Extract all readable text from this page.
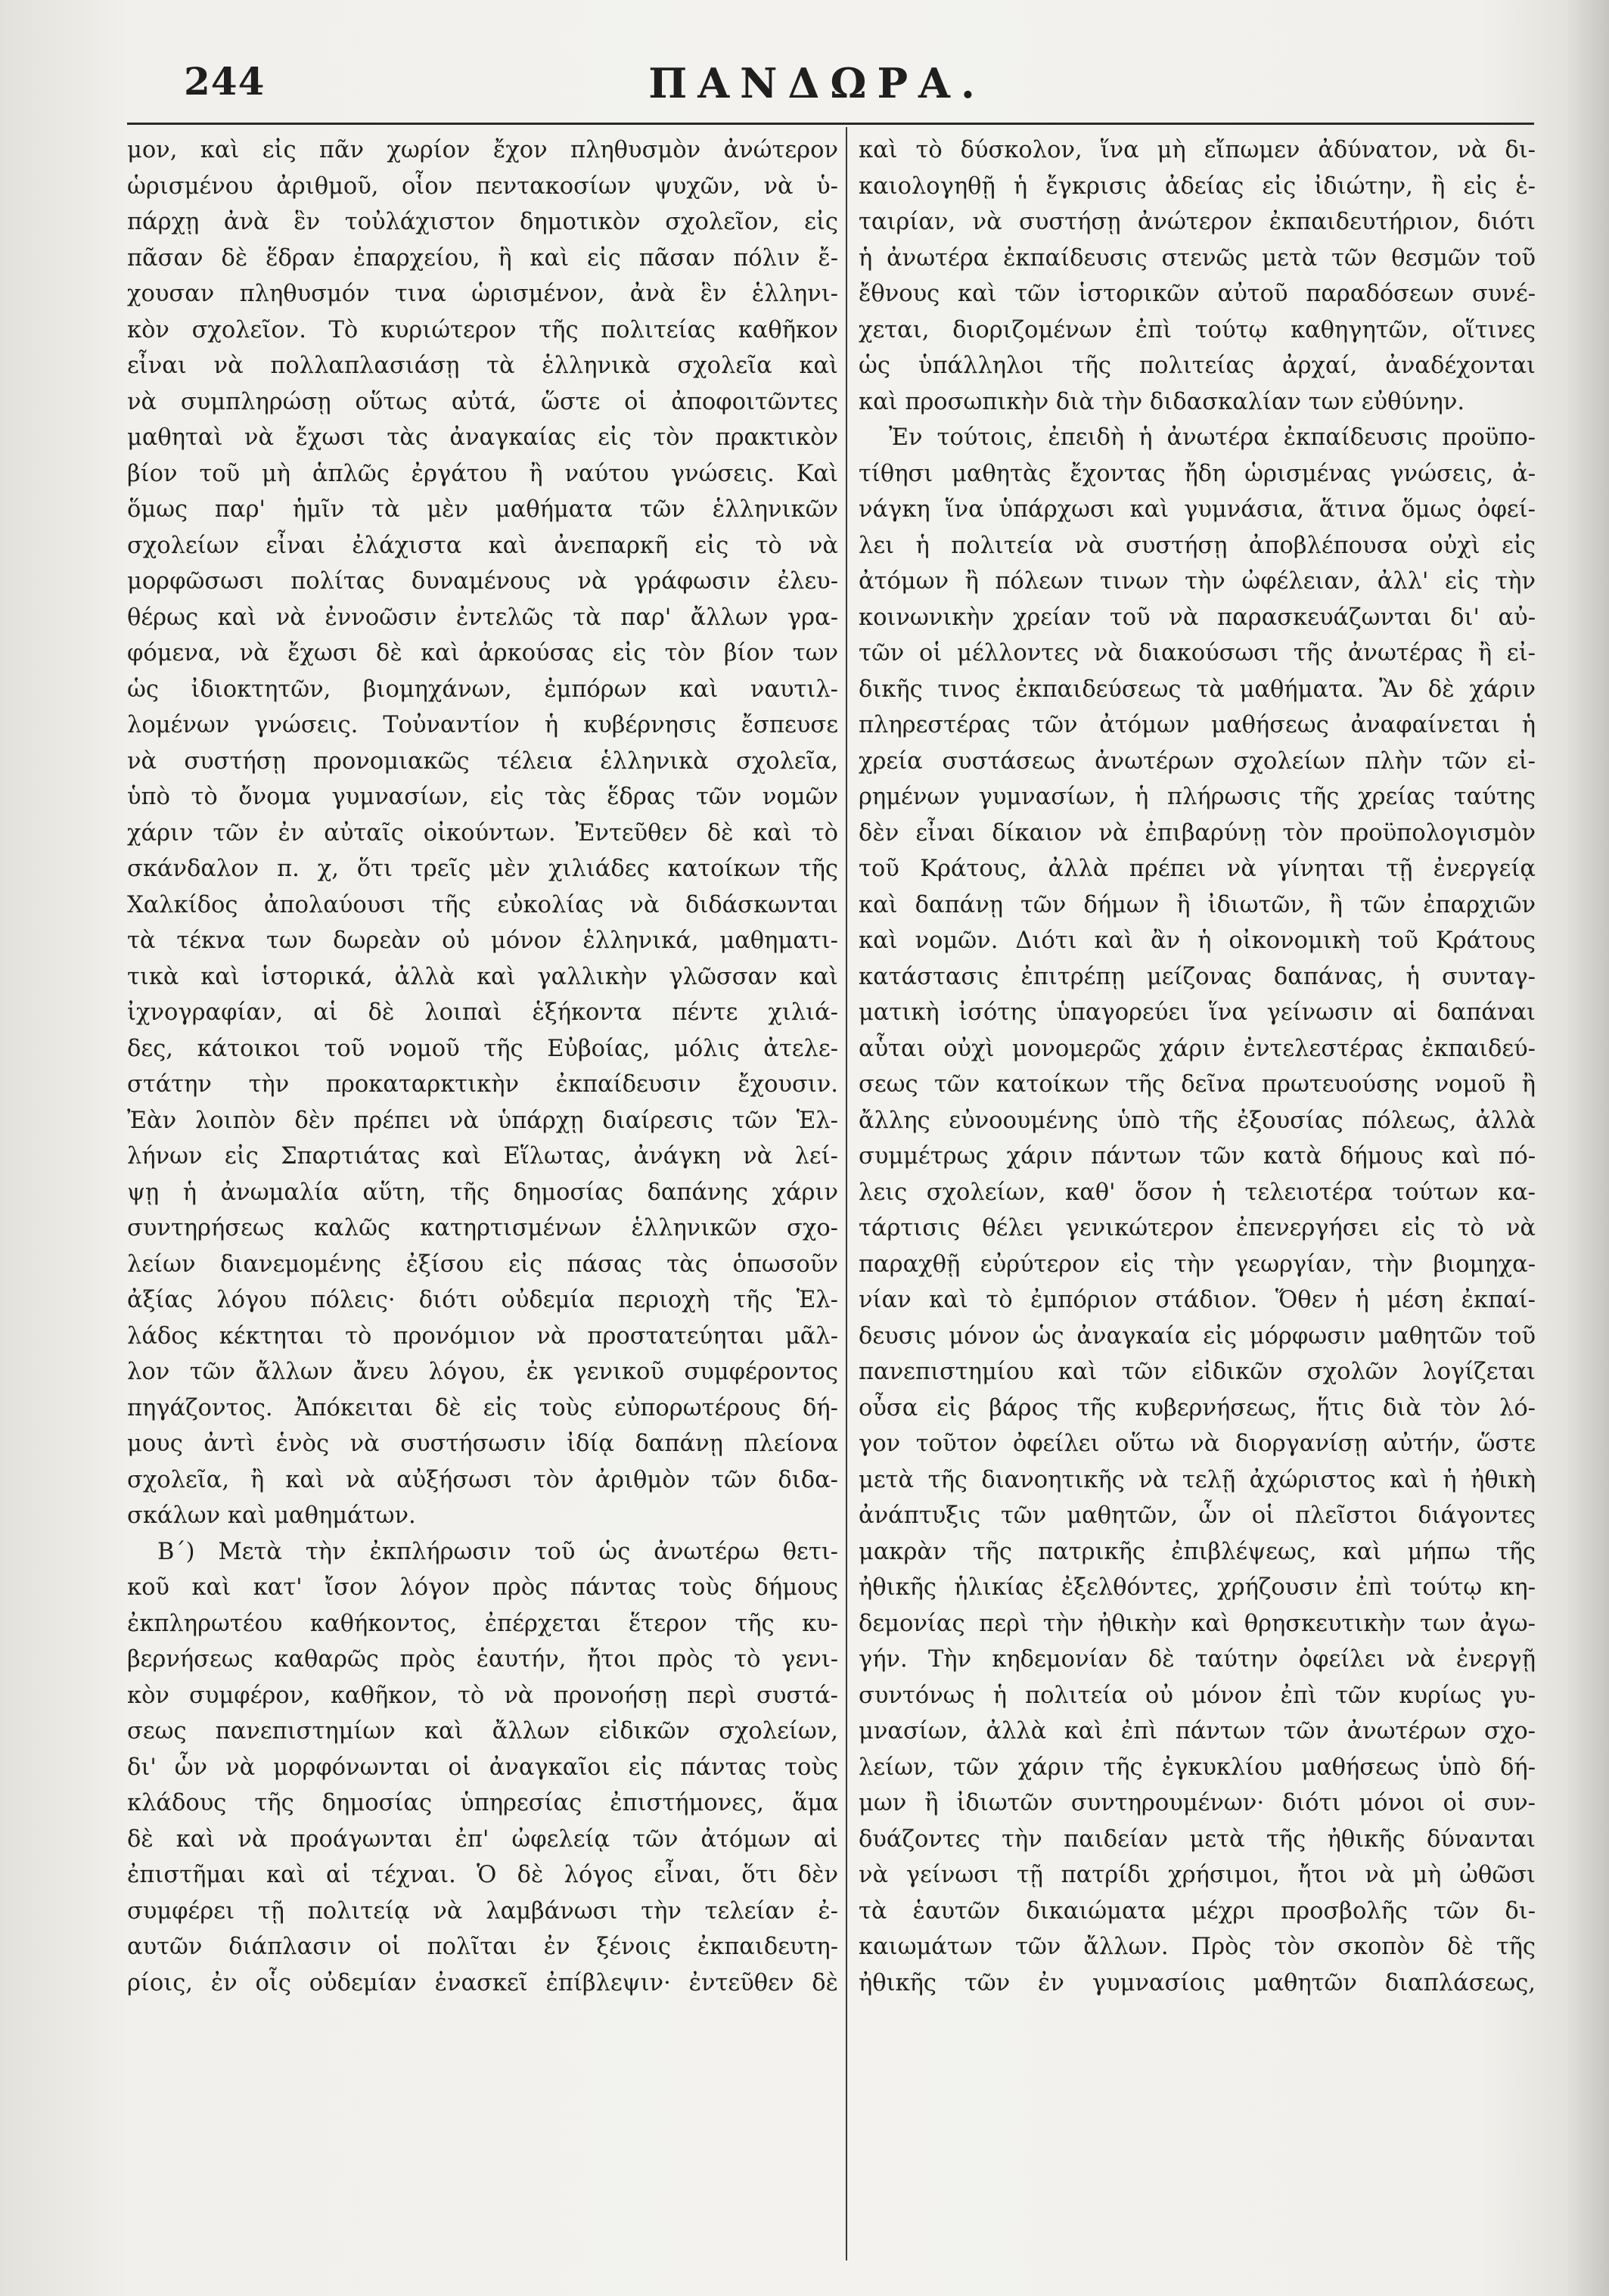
244	ΠΑΝΔΩΡΑ.
μον, καὶ εἰς πᾶν χωρίον ἔχον πληθυσμὸν ἀνώτερον
ὡρισμένου ἀριθμοῦ, οἷον πεντακοσίων ψυχῶν, νὰ ὑ-
πάρχῃ ἀνὰ ἓν τοὐλάχιστον δημοτικὸν σχολεῖον, εἰς
πᾶσαν δὲ ἕδραν ἐπαρχείου, ἢ καὶ εἰς πᾶσαν πόλιν ἔ-
χουσαν πληθυσμόν τινα ὡρισμένον, ἀνὰ ἓν ἑλληνι-
κὸν σχολεῖον. Τὸ κυριώτερον τῆς πολιτείας καθῆκον
εἶναι νὰ πολλαπλασιάσῃ τὰ ἑλληνικὰ σχολεῖα καὶ
νὰ συμπληρώσῃ οὕτως αὐτά, ὥστε οἱ ἀποφοιτῶντες
μαθηταὶ νὰ ἔχωσι τὰς ἀναγκαίας εἰς τὸν πρακτικὸν
βίον τοῦ μὴ ἁπλῶς ἐργάτου ἢ ναύτου γνώσεις. Καὶ
ὅμως παρ' ἡμῖν τὰ μὲν μαθήματα τῶν ἑλληνικῶν
σχολείων εἶναι ἐλάχιστα καὶ ἀνεπαρκῆ εἰς τὸ νὰ
μορφῶσωσι πολίτας δυναμένους νὰ γράφωσιν ἐλευ-
θέρως καὶ νὰ ἐννοῶσιν ἐντελῶς τὰ παρ' ἄλλων γρα-
φόμενα, νὰ ἔχωσι δὲ καὶ ἀρκούσας εἰς τὸν βίον των
ὡς ἰδιοκτητῶν, βιομηχάνων, ἐμπόρων καὶ ναυτιλ-
λομένων γνώσεις. Τοὐναντίον ἡ κυβέρνησις ἔσπευσε
νὰ συστήσῃ προνομιακῶς τέλεια ἑλληνικὰ σχολεῖα,
ὑπὸ τὸ ὄνομα γυμνασίων, εἰς τὰς ἕδρας τῶν νομῶν
χάριν τῶν ἐν αὐταῖς οἰκούντων. Ἐντεῦθεν δὲ καὶ τὸ
σκάνδαλον π. χ, ὅτι τρεῖς μὲν χιλιάδες κατοίκων τῆς
Χαλκίδος ἀπολαύουσι τῆς εὐκολίας νὰ διδάσκωνται
τὰ τέκνα των δωρεὰν οὐ μόνον ἑλληνικά, μαθηματι-
τικὰ καὶ ἱστορικά, ἀλλὰ καὶ γαλλικὴν γλῶσσαν καὶ
ἰχνογραφίαν, αἱ δὲ λοιπαὶ ἑξήκοντα πέντε χιλιά-
δες, κάτοικοι τοῦ νομοῦ τῆς Εὐβοίας, μόλις ἀτελε-
στάτην τὴν προκαταρκτικὴν ἐκπαίδευσιν ἔχουσιν.
Ἐὰν λοιπὸν δὲν πρέπει νὰ ὑπάρχῃ διαίρεσις τῶν Ἑλ-
λήνων εἰς Σπαρτιάτας καὶ Εἵλωτας, ἀνάγκη νὰ λεί-
ψῃ ἡ ἀνωμαλία αὕτη, τῆς δημοσίας δαπάνης χάριν
συντηρήσεως καλῶς κατηρτισμένων ἑλληνικῶν σχο-
λείων διανεμομένης ἐξίσου εἰς πάσας τὰς ὁπωσοῦν
ἀξίας λόγου πόλεις· διότι οὐδεμία περιοχὴ τῆς Ἑλ-
λάδος κέκτηται τὸ προνόμιον νὰ προστατεύηται μᾶλ-
λον τῶν ἄλλων ἄνευ λόγου, ἐκ γενικοῦ συμφέροντος
πηγάζοντος. Ἀπόκειται δὲ εἰς τοὺς εὐπορωτέρους δή-
μους ἀντὶ ἑνὸς νὰ συστήσωσιν ἰδίᾳ δαπάνῃ πλείονα
σχολεῖα, ἢ καὶ νὰ αὐξήσωσι τὸν ἀριθμὸν τῶν διδα-
σκάλων καὶ μαθημάτων.
Β΄) Μετὰ τὴν ἐκπλήρωσιν τοῦ ὡς ἀνωτέρω θετι-
κοῦ καὶ κατ' ἴσον λόγον πρὸς πάντας τοὺς δήμους
ἐκπληρωτέου καθήκοντος, ἐπέρχεται ἕτερον τῆς κυ-
βερνήσεως καθαρῶς πρὸς ἑαυτήν, ἤτοι πρὸς τὸ γενι-
κὸν συμφέρον, καθῆκον, τὸ νὰ προνοήσῃ περὶ συστά-
σεως πανεπιστημίων καὶ ἄλλων εἰδικῶν σχολείων,
δι' ὧν νὰ μορφόνωνται οἱ ἀναγκαῖοι εἰς πάντας τοὺς
κλάδους τῆς δημοσίας ὑπηρεσίας ἐπιστήμονες, ἅμα
δὲ καὶ νὰ προάγωνται ἐπ' ὠφελείᾳ τῶν ἀτόμων αἱ
ἐπιστῆμαι καὶ αἱ τέχναι. Ὁ δὲ λόγος εἶναι, ὅτι δὲν
συμφέρει τῇ πολιτείᾳ νὰ λαμβάνωσι τὴν τελείαν ἐ-
αυτῶν διάπλασιν οἱ πολῖται ἐν ξένοις ἐκπαιδευτη-
ρίοις, ἐν οἷς οὐδεμίαν ἐνασκεῖ ἐπίβλεψιν· ἐντεῦθεν δὲ
καὶ τὸ δύσκολον, ἵνα μὴ εἴπωμεν ἀδύνατον, νὰ δι-
καιολογηθῇ ἡ ἔγκρισις ἀδείας εἰς ἰδιώτην, ἢ εἰς ἑ-
ταιρίαν, νὰ συστήσῃ ἀνώτερον ἐκπαιδευτήριον, διότι
ἡ ἀνωτέρα ἐκπαίδευσις στενῶς μετὰ τῶν θεσμῶν τοῦ
ἔθνους καὶ τῶν ἱστορικῶν αὐτοῦ παραδόσεων συνέ-
χεται, διοριζομένων ἐπὶ τούτῳ καθηγητῶν, οἵτινες
ὡς ὑπάλληλοι τῆς πολιτείας ἀρχαί, ἀναδέχονται
καὶ προσωπικὴν διὰ τὴν διδασκαλίαν των εὐθύνην.
Ἐν τούτοις, ἐπειδὴ ἡ ἀνωτέρα ἐκπαίδευσις προϋπο-
τίθησι μαθητὰς ἔχοντας ἤδη ὡρισμένας γνώσεις, ἀ-
νάγκη ἵνα ὑπάρχωσι καὶ γυμνάσια, ἅτινα ὅμως ὀφεί-
λει ἡ πολιτεία νὰ συστήσῃ ἀποβλέπουσα οὐχὶ εἰς
ἀτόμων ἢ πόλεων τινων τὴν ὠφέλειαν, ἀλλ' εἰς τὴν
κοινωνικὴν χρείαν τοῦ νὰ παρασκευάζωνται δι' αὐ-
τῶν οἱ μέλλοντες νὰ διακούσωσι τῆς ἀνωτέρας ἢ εἰ-
δικῆς τινος ἐκπαιδεύσεως τὰ μαθήματα. Ἂν δὲ χάριν
πληρεστέρας τῶν ἀτόμων μαθήσεως ἀναφαίνεται ἡ
χρεία συστάσεως ἀνωτέρων σχολείων πλὴν τῶν εἰ-
ρημένων γυμνασίων, ἡ πλήρωσις τῆς χρείας ταύτης
δὲν εἶναι δίκαιον νὰ ἐπιβαρύνῃ τὸν προϋπολογισμὸν
τοῦ Κράτους, ἀλλὰ πρέπει νὰ γίνηται τῇ ἐνεργείᾳ
καὶ δαπάνῃ τῶν δήμων ἢ ἰδιωτῶν, ἢ τῶν ἐπαρχιῶν
καὶ νομῶν. Διότι καὶ ἂν ἡ οἰκονομικὴ τοῦ Κράτους
κατάστασις ἐπιτρέπῃ μείζονας δαπάνας, ἡ συνταγ-
ματικὴ ἰσότης ὑπαγορεύει ἵνα γείνωσιν αἱ δαπάναι
αὗται οὐχὶ μονομερῶς χάριν ἐντελεστέρας ἐκπαιδεύ-
σεως τῶν κατοίκων τῆς δεῖνα πρωτευούσης νομοῦ ἢ
ἄλλης εὐνοουμένης ὑπὸ τῆς ἐξουσίας πόλεως, ἀλλὰ
συμμέτρως χάριν πάντων τῶν κατὰ δήμους καὶ πό-
λεις σχολείων, καθ' ὅσον ἡ τελειοτέρα τούτων κα-
τάρτισις θέλει γενικώτερον ἐπενεργήσει εἰς τὸ νὰ
παραχθῇ εὐρύτερον εἰς τὴν γεωργίαν, τὴν βιομηχα-
νίαν καὶ τὸ ἐμπόριον στάδιον. Ὅθεν ἡ μέση ἐκπαί-
δευσις μόνον ὡς ἀναγκαία εἰς μόρφωσιν μαθητῶν τοῦ
πανεπιστημίου καὶ τῶν εἰδικῶν σχολῶν λογίζεται
οὖσα εἰς βάρος τῆς κυβερνήσεως, ἥτις διὰ τὸν λό-
γον τοῦτον ὀφείλει οὕτω νὰ διοργανίσῃ αὐτήν, ὥστε
μετὰ τῆς διανοητικῆς νὰ τελῇ ἀχώριστος καὶ ἡ ἠθικὴ
ἀνάπτυξις τῶν μαθητῶν, ὧν οἱ πλεῖστοι διάγοντες
μακρὰν τῆς πατρικῆς ἐπιβλέψεως, καὶ μήπω τῆς
ἠθικῆς ἡλικίας ἐξελθόντες, χρήζουσιν ἐπὶ τούτῳ κη-
δεμονίας περὶ τὴν ἠθικὴν καὶ θρησκευτικὴν των ἀγω-
γήν. Τὴν κηδεμονίαν δὲ ταύτην ὀφείλει νὰ ἐνεργῇ
συντόνως ἡ πολιτεία οὐ μόνον ἐπὶ τῶν κυρίως γυ-
μνασίων, ἀλλὰ καὶ ἐπὶ πάντων τῶν ἀνωτέρων σχο-
λείων, τῶν χάριν τῆς ἐγκυκλίου μαθήσεως ὑπὸ δή-
μων ἢ ἰδιωτῶν συντηρουμένων· διότι μόνοι οἱ συν-
δυάζοντες τὴν παιδείαν μετὰ τῆς ἠθικῆς δύνανται
νὰ γείνωσι τῇ πατρίδι χρήσιμοι, ἤτοι νὰ μὴ ὠθῶσι
τὰ ἑαυτῶν δικαιώματα μέχρι προσβολῆς τῶν δι-
καιωμάτων τῶν ἄλλων. Πρὸς τὸν σκοπὸν δὲ τῆς
ἠθικῆς τῶν ἐν γυμνασίοις μαθητῶν διαπλάσεως,
